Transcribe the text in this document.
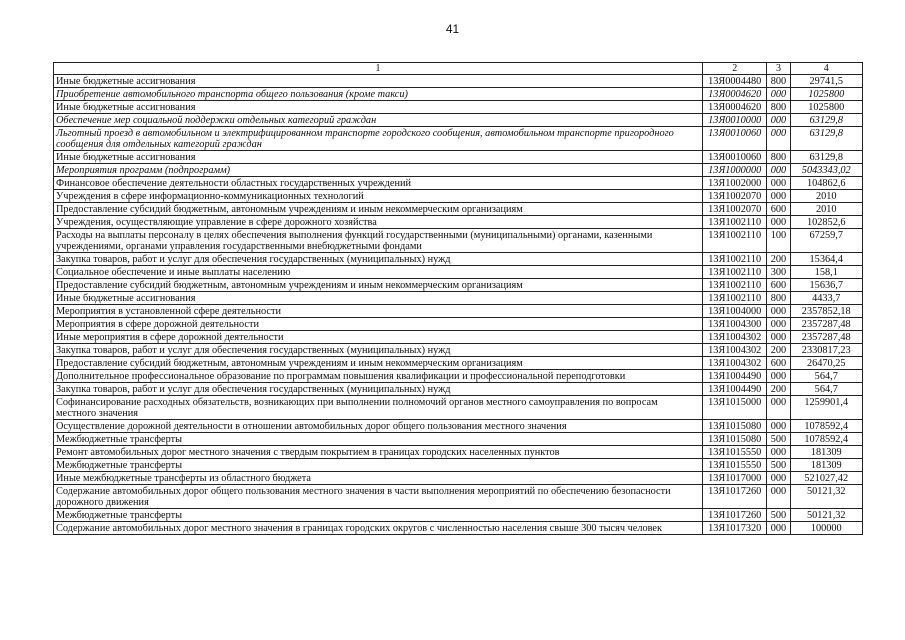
41
1	2	3	4
Иные бюджетные ассигнования	13Я0004480	800	29741,5
Приобретение автомобильного транспорта общего пользования (кроме такси)	13Я0004620	000	1025800
Иные бюджетные ассигнования	13Я0004620	800	1025800
Обеспечение мер социальной поддержки отдельных категорий граждан	13Я0010000	000	63129,8
Льготный проезд в автомобильном и электрифицированном транспорте городского сообщения, автомобильном транспорте пригородного сообщения для отдельных категорий граждан	13Я0010060	000	63129,8
Иные бюджетные ассигнования	13Я0010060	800	63129,8
Мероприятия программ (подпрограмм)	13Я1000000	000	5043343,02
Финансовое обеспечение деятельности областных государственных учреждений	13Я1002000	000	104862,6
Учреждения в сфере информационно-коммуникационных технологий	13Я1002070	000	2010
Предоставление субсидий бюджетным, автономным учреждениям и иным некоммерческим организациям	13Я1002070	600	2010
Учреждения, осуществляющие управление в сфере дорожного хозяйства	13Я1002110	000	102852,6
Расходы на выплаты персоналу в целях обеспечения выполнения функций государственными (муниципальными) органами, казенными учреждениями, органами управления государственными внебюджетными фондами	13Я1002110	100	67259,7
Закупка товаров, работ и услуг для обеспечения государственных (муниципальных) нужд	13Я1002110	200	15364,4
Социальное обеспечение и иные выплаты населению	13Я1002110	300	158,1
Предоставление субсидий бюджетным, автономным учреждениям и иным некоммерческим организациям	13Я1002110	600	15636,7
Иные бюджетные ассигнования	13Я1002110	800	4433,7
Мероприятия в установленной сфере деятельности	13Я1004000	000	2357852,18
Мероприятия в сфере дорожной деятельности	13Я1004300	000	2357287,48
Иные мероприятия в сфере дорожной деятельности	13Я1004302	000	2357287,48
Закупка товаров, работ и услуг для обеспечения государственных (муниципальных) нужд	13Я1004302	200	2330817,23
Предоставление субсидий бюджетным, автономным учреждениям и иным некоммерческим организациям	13Я1004302	600	26470,25
Дополнительное профессиональное образование по программам повышения квалификации и профессиональной переподготовки	13Я1004490	000	564,7
Закупка товаров, работ и услуг для обеспечения государственных (муниципальных) нужд	13Я1004490	200	564,7
Софинансирование расходных обязательств, возникающих при выполнении полномочий органов местного самоуправления по вопросам местного значения	13Я1015000	000	1259901,4
Осуществление дорожной деятельности в отношении автомобильных дорог общего пользования местного значения	13Я1015080	000	1078592,4
Межбюджетные трансферты	13Я1015080	500	1078592,4
Ремонт автомобильных дорог местного значения с твердым покрытием в границах городских населенных пунктов	13Я1015550	000	181309
Межбюджетные трансферты	13Я1015550	500	181309
Иные межбюджетные трансферты из областного бюджета	13Я1017000	000	521027,42
Содержание автомобильных дорог общего пользования местного значения в части выполнения мероприятий по обеспечению безопасности дорожного движения	13Я1017260	000	50121,32
Межбюджетные трансферты	13Я1017260	500	50121,32
Содержание автомобильных дорог местного значения в границах городских округов с численностью населения свыше 300 тысяч человек	13Я1017320	000	100000
